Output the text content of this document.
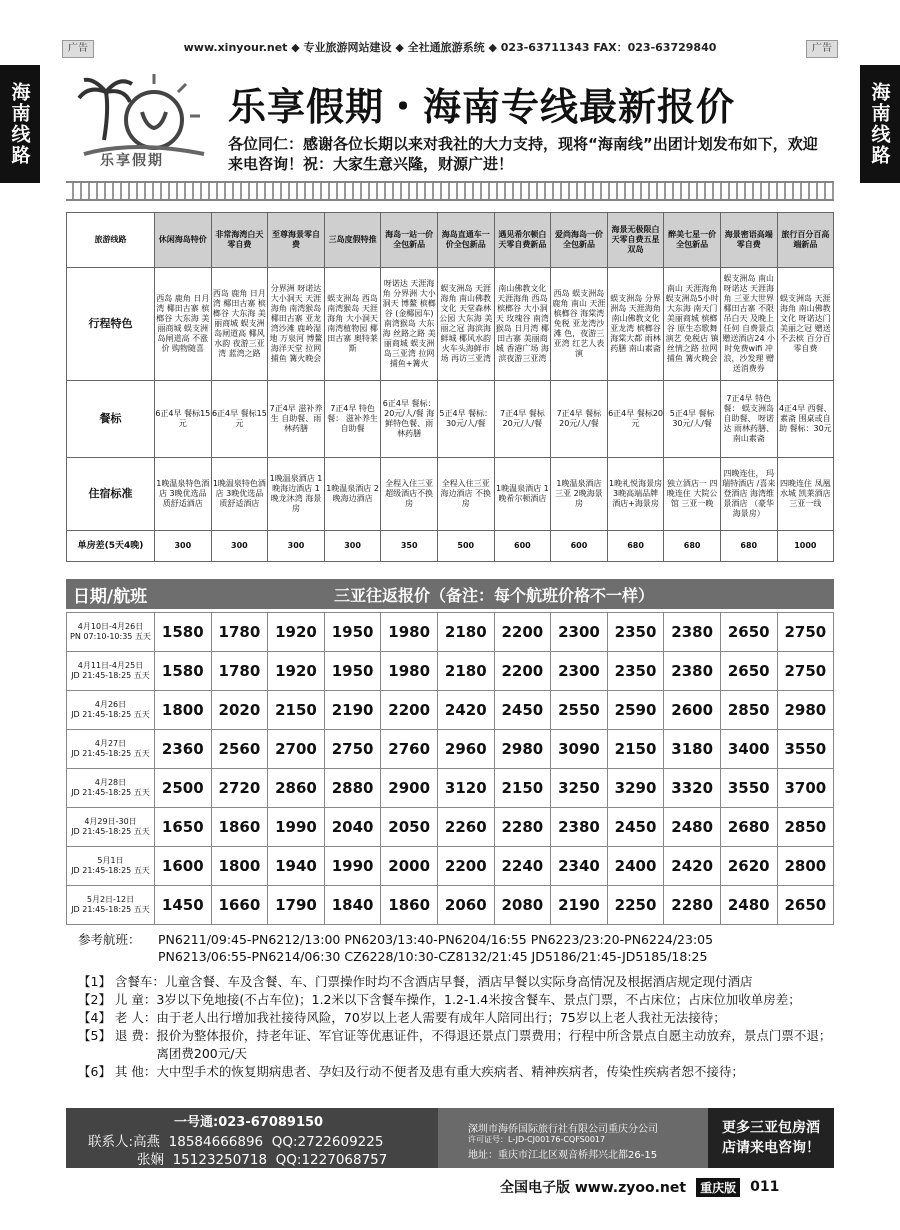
广告	广告
www.xinyour.net ◆ 专业旅游网站建设 ◆ 全社通旅游系统 ◆ 023-63711343 FAX：023-63729840
海南线路	海南线路
乐享假期
乐享假期・海南专线最新报价
各位同仁：感谢各位长期以来对我社的大力支持，现将“海南线”出团计划发布如下，欢迎来电咨询！祝：大家生意兴隆，财源广进！
旅游线路	休闲海岛特价	非常海湾白天零自费	至尊海景零自费	三岛度假特推	海岛一站一价全包新品	海岛直通车一价全包新品	遇见希尔顿白天零自费新品	爱尚海岛一价全包新品	海景无极限白天零自费五星双岛	醉美七星一价全包新品	海景密语高端零自费	旅行百分百高端新品
行程特色	西岛 鹿角 日月湾 椰田古寨 槟榔谷 大东海 美丽商城 蜈支洲岛闸道高 不涨价 购物随喜	西岛 鹿角 日月湾 椰田古寨 槟榔谷 大东海 美丽商城 蜈支洲岛闸道高 椰风水韵 夜游三亚湾 蓝湾之路	分界洲 呀诺达 大小洞天 天涯海角 南湾猴岛 椰田古寨 亚龙湾沙滩 鹿岭湿地 万泉河 博鳌 海洋天堂 拉网捕鱼 篝火晚会	蜈支洲岛 西岛 南湾猴岛 天涯海角 大小洞天 南湾植物园 椰田古寨 奥特莱斯	呀诺达 天涯海角 分界洲 大小洞天 博鳌 槟榔谷 (金椰园车) 南湾猴岛 大东海 丝路之路 美丽商城 蜈支洲岛三亚湾 拉网捕鱼+篝火	蜈支洲岛 天涯海角 南山佛教文化 天堂森林公园 大东海 美丽之冠 海滨海鲜城 椰风水韵 火车头海鲜市场 再访三亚湾	南山佛教文化 天涯海角 西岛 槟榔谷 大小洞天 玫瑰谷 南湾猴岛 日月湾 椰田古寨 美丽商城 香港广场 海滨夜游三亚湾	西岛 蜈支洲岛 鹿角 南山 天涯 槟榔谷 海棠湾免税 亚龙湾沙滩 色，夜游三亚湾 红艺人表演	蜈支洲岛 分界洲岛 天涯海角 南山佛教文化 亚龙湾 槟榔谷 海棠大都 雨林药膳 南山素斋	南山 天涯海角 蜈支洲岛5小时 大东海 南天门 美丽商城 槟榔谷 原生态歌舞 演艺 免税店 镇丝情之路 拉网捕鱼 篝火晚会	蜈支洲岛 南山 呀诺达 天涯海角 三亚大世界 椰田古寨 不限吊白天 及晚上任何 自费景点 赠送酒店24 小时免费wifi 冲浪，沙发理 赠送消费券	蜈支洲岛 天涯海角 南山佛教文化 呀诺达门 美丽之冠 赠送不去槟 百分百零自费
餐标	6正4早 餐标15元	6正4早 餐标15元	7正4早 滋补养生 自助餐、雨林药膳	7正4早 特色餐： 滋补养生 自助餐	6正4早 餐标： 20元/人/餐 海鲜特色餐、雨林药膳	5正4早 餐标： 30元/人/餐	7正4早 餐标 20元/人/餐	7正4早 餐标 20元/人/餐	6正4早 餐标20元	5正4早 餐标 30元/人/餐	7正4早 特色餐： 蜈支洲岛 自助餐、 呀诺达 雨林药膳、 南山素斋	4正4早 西餐、素斋 围桌或自助 餐标：30元
住宿标准	1晚温泉特色酒店 3晚优选品质舒适酒店	1晚温泉特色酒店 3晚优选品质舒适酒店	1晚温泉酒店 1晚海边酒店 1晚龙沐湾 海景房	1晚温泉酒店 2晚海边酒店	全程入住三亚超级酒店不换房	全程入住三亚海边酒店 不换房	1晚温泉酒店 1晚希尔顿酒店	1晚温泉酒店 三亚 2晚海景房	1晚礼悦海景房 3晚高端品牌 酒店+海景房	独立酒店一 四晚连住 大院公馆 三亚一晚	四晚连住， 玛瑞特酒店 /喜来登酒店 海湾维景酒店 （豪华海景房）	四晚连住 凤凰水城 凯莱酒店 三亚一线
单房差(5天4晚)	300	300	300	300	350	500	600	600	680	680	680	1000
日期/航班	三亚往返报价（备注：每个航班价格不一样）
4月10日-4月26日
PN 07:10-10:35 五天	1580	1780	1920	1950	1980	2180	2200	2300	2350	2380	2650	2750

4月11日-4月25日
JD 21:45-18:25 五天	1580	1780	1920	1950	1980	2180	2200	2300	2350	2380	2650	2750

4月26日
JD 21:45-18:25 五天	1800	2020	2150	2190	2200	2420	2450	2550	2590	2600	2850	2980

4月27日
JD 21:45-18:25 五天	2360	2560	2700	2750	2760	2960	2980	3090	2150	3180	3400	3550

4月28日
JD 21:45-18:25 五天	2500	2720	2860	2880	2900	3120	2150	3250	3290	3320	3550	3700

4月29日-30日
JD 21:45-18:25 五天	1650	1860	1990	2040	2050	2260	2280	2380	2450	2480	2680	2850

5月1日
JD 21:45-18:25 五天	1600	1800	1940	1990	2000	2200	2240	2340	2400	2420	2620	2800

5月2日-12日
JD 21:45-18:25 五天	1450	1660	1790	1840	1860	2060	2080	2190	2250	2280	2480	2650
参考航班： PN6211/09:45-PN6212/13:00 PN6203/13:40-PN6204/16:55 PN6223/23:20-PN6224/23:05
PN6213/06:55-PN6214/06:30 CZ6228/10:30-CZ8132/21:45 JD5186/21:45-JD5185/18:25
【1】 含餐车： 儿童含餐、车及含餐、车、门票操作时均不含酒店早餐，酒店早餐以实际身高情况及根据酒店规定现付酒店
【2】 儿 童： 3岁以下免地接(不占车位)；1.2米以下含餐车操作，1.2-1.4米按含餐车、景点门票，不占床位；占床位加收单房差；
【4】 老 人： 由于老人出行增加我社接待风险，70岁以上老人需要有成年人陪同出行；75岁以上老人我社无法接待；
【5】 退 费： 报价为整体报价，持老年证、军官证等优惠证件，不得退还景点门票费用；行程中所含景点自愿主动放弃，景点门票不退； 离团费200元/天
【6】 其 他： 大中型手术的恢复期病患者、孕妇及行动不便者及患有重大疾病者、精神疾病者，传染性疾病者恕不接待；
一号通:023-67089150
联系人:高燕 18584666896 QQ:2722609225
张娴 15123250718 QQ:1227068757
深圳市海侨国际旅行社有限公司重庆分公司
许可证号：L-JD-CJ00176-CQFS0017
地址：重庆市江北区观音桥邦兴北都26-15
更多三亚包房酒
店请来电咨询！
全国电子版 www.zyoo.net	重庆版 011
